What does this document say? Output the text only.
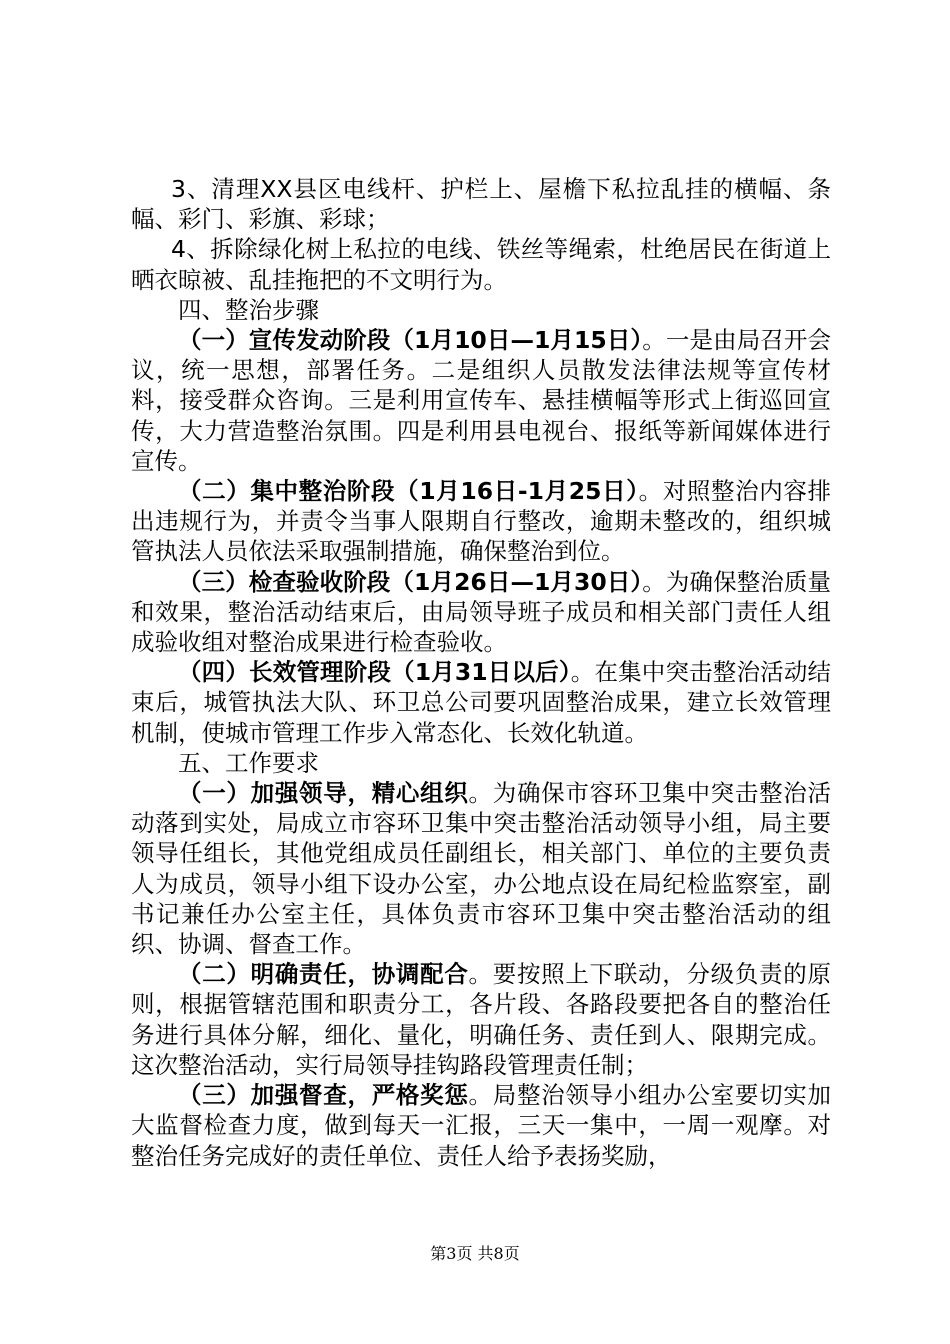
3、清理XX县区电线杆、护栏上、屋檐下私拉乱挂的横幅、条幅、彩门、彩旗、彩球；

4、拆除绿化树上私拉的电线、铁丝等绳索，杜绝居民在街道上晒衣晾被、乱挂拖把的不文明行为。

四、整治步骤

（一）宣传发动阶段（1月10日—1月15日）。一是由局召开会议，统一思想，部署任务。二是组织人员散发法律法规等宣传材料，接受群众咨询。三是利用宣传车、悬挂横幅等形式上街巡回宣传，大力营造整治氛围。四是利用县电视台、报纸等新闻媒体进行宣传。

（二）集中整治阶段（1月16日-1月25日）。对照整治内容排出违规行为，并责令当事人限期自行整改，逾期未整改的，组织城管执法人员依法采取强制措施，确保整治到位。

（三）检查验收阶段（1月26日—1月30日）。为确保整治质量和效果，整治活动结束后，由局领导班子成员和相关部门责任人组成验收组对整治成果进行检查验收。

（四）长效管理阶段（1月31日以后）。在集中突击整治活动结束后，城管执法大队、环卫总公司要巩固整治成果，建立长效管理机制，使城市管理工作步入常态化、长效化轨道。

五、工作要求

（一）加强领导，精心组织。为确保市容环卫集中突击整治活动落到实处，局成立市容环卫集中突击整治活动领导小组，局主要领导任组长，其他党组成员任副组长，相关部门、单位的主要负责人为成员，领导小组下设办公室，办公地点设在局纪检监察室，副书记兼任办公室主任，具体负责市容环卫集中突击整治活动的组织、协调、督查工作。

（二）明确责任，协调配合。要按照上下联动，分级负责的原则，根据管辖范围和职责分工，各片段、各路段要把各自的整治任务进行具体分解，细化、量化，明确任务、责任到人、限期完成。这次整治活动，实行局领导挂钩路段管理责任制；

（三）加强督查，严格奖惩。局整治领导小组办公室要切实加大监督检查力度，做到每天一汇报，三天一集中，一周一观摩。对整治任务完成好的责任单位、责任人给予表扬奖励，

第3页 共8页
